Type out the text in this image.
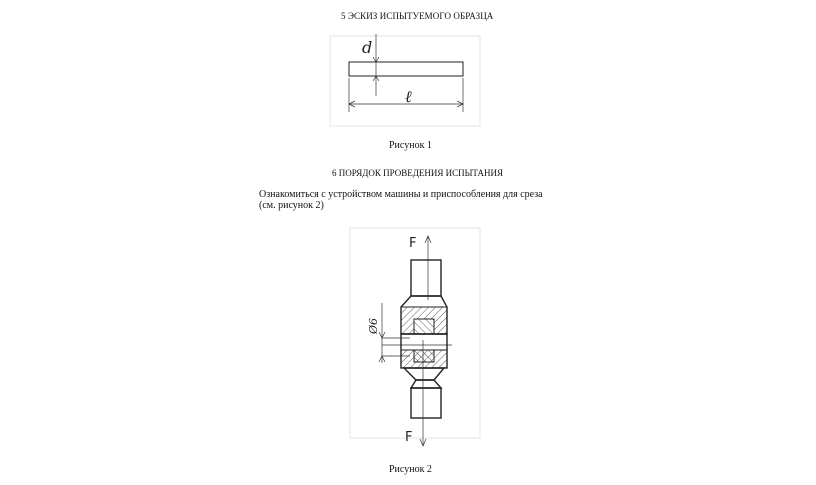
5 ЭСКИЗ ИСПЫТУЕМОГО ОБРАЗЦА
Рисунок 1
6 ПОРЯДОК ПРОВЕДЕНИЯ ИСПЫТАНИЯ
Ознакомиться с устройством машины и приспособления для среза
(см. рисунок 2)
Рисунок 2
d
ℓ
F
F
Ø6
